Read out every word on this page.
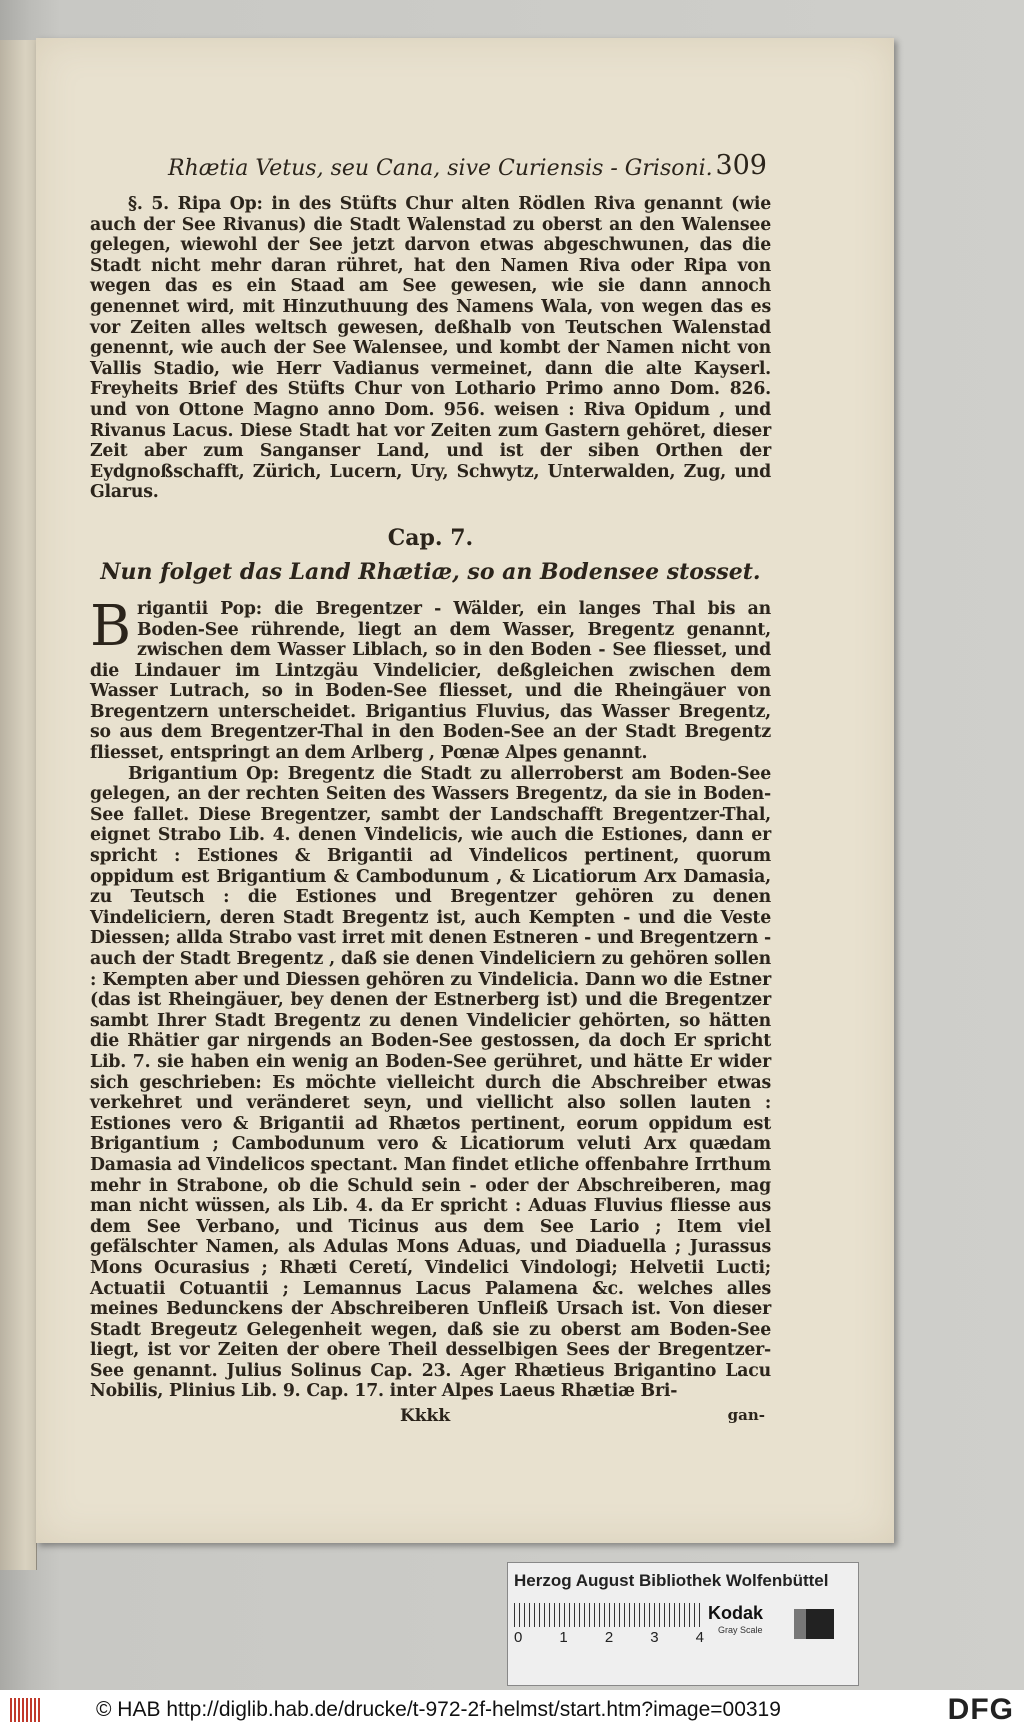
Rhætia Vetus, seu Cana, sive Curiensis - Grisoni. 309
§. 5. Ripa Op: in des Stüfts Chur alten Rödlen Riva genannt (wie auch der See Rivanus) die Stadt Walenstad zu oberst an den Walensee gelegen, wiewohl der See jetzt darvon etwas abgeschwunen, das die Stadt nicht mehr daran rühret, hat den Namen Riva oder Ripa von wegen das es ein Staad am See gewesen, wie sie dann annoch genennet wird, mit Hinzuthuung des Namens Wala, von wegen das es vor Zeiten alles weltsch gewesen, deßhalb von Teutschen Walenstad genennt, wie auch der See Walensee, und kombt der Namen nicht von Vallis Stadio, wie Herr Vadianus vermeinet, dann die alte Kayserl. Freyheits Brief des Stüfts Chur von Lothario Primo anno Dom. 826. und von Ottone Magno anno Dom. 956. weisen : Riva Opidum , und Rivanus Lacus. Diese Stadt hat vor Zeiten zum Gastern gehöret, dieser Zeit aber zum Sanganser Land, und ist der siben Orthen der Eydgnoßschafft, Zürich, Lucern, Ury, Schwytz, Unterwalden, Zug, und Glarus.
Cap. 7.
Nun folget das Land Rhætiæ, so an Bodensee stosset.
Brigantii Pop: die Bregentzer - Wälder, ein langes Thal bis an Boden-See rührende, liegt an dem Wasser, Bregentz genannt, zwischen dem Wasser Liblach, so in den Boden - See fliesset, und die Lindauer im Lintzgäu Vindelicier, deßgleichen zwischen dem Wasser Lutrach, so in Boden-See fliesset, und die Rheingäuer von Bregentzern unterscheidet. Brigantius Fluvius, das Wasser Bregentz, so aus dem Bregentzer-Thal in den Boden-See an der Stadt Bregentz fliesset, entspringt an dem Arlberg , Pœnæ Alpes genannt.
Brigantium Op: Bregentz die Stadt zu allerroberst am Boden-See gelegen, an der rechten Seiten des Wassers Bregentz, da sie in Boden-See fallet. Diese Bregentzer, sambt der Landschafft Bregentzer-Thal, eignet Strabo Lib. 4. denen Vindelicis, wie auch die Estiones, dann er spricht : Estiones & Brigantii ad Vindelicos pertinent, quorum oppidum est Brigantium & Cambodunum , & Licatiorum Arx Damasia, zu Teutsch : die Estiones und Bregentzer gehören zu denen Vindeliciern, deren Stadt Bregentz ist, auch Kempten - und die Veste Diessen; allda Strabo vast irret mit denen Estneren - und Bregentzern - auch der Stadt Bregentz , daß sie denen Vindeliciern zu gehören sollen : Kempten aber und Diessen gehören zu Vindelicia. Dann wo die Estner (das ist Rheingäuer, bey denen der Estnerberg ist) und die Bregentzer sambt Ihrer Stadt Bregentz zu denen Vindelicier gehörten, so hätten die Rhätier gar nirgends an Boden-See gestossen, da doch Er spricht Lib. 7. sie haben ein wenig an Boden-See gerühret, und hätte Er wider sich geschrieben: Es möchte vielleicht durch die Abschreiber etwas verkehret und veränderet seyn, und viellicht also sollen lauten : Estiones vero & Brigantii ad Rhætos pertinent, eorum oppidum est Brigantium ; Cambodunum vero & Licatiorum veluti Arx quædam Damasia ad Vindelicos spectant. Man findet etliche offenbahre Irrthum mehr in Strabone, ob die Schuld sein - oder der Abschreiberen, mag man nicht wüssen, als Lib. 4. da Er spricht : Aduas Fluvius fliesse aus dem See Verbano, und Ticinus aus dem See Lario ; Item viel gefälschter Namen, als Adulas Mons Aduas, und Diaduella ; Jurassus Mons Ocurasius ; Rhæti Ceretí, Vindelici Vindologi; Helvetii Lucti; Actuatii Cotuantii ; Lemannus Lacus Palamena &c. welches alles meines Bedunckens der Abschreiberen Unfleiß Ursach ist. Von dieser Stadt Bregeutz Gelegenheit wegen, daß sie zu oberst am Boden-See liegt, ist vor Zeiten der obere Theil desselbigen Sees der Bregentzer-See genannt. Julius Solinus Cap. 23. Ager Rhætieus Brigantino Lacu Nobilis, Plinius Lib. 9. Cap. 17. inter Alpes Laeus Rhætiæ Bri-
Kkkk	gan-
Herzog August Bibliothek Wolfenbüttel
0 1 2 3 4
Kodak
Gray Scale
© HAB http://diglib.hab.de/drucke/t-972-2f-helmst/start.htm?image=00319	DFG
